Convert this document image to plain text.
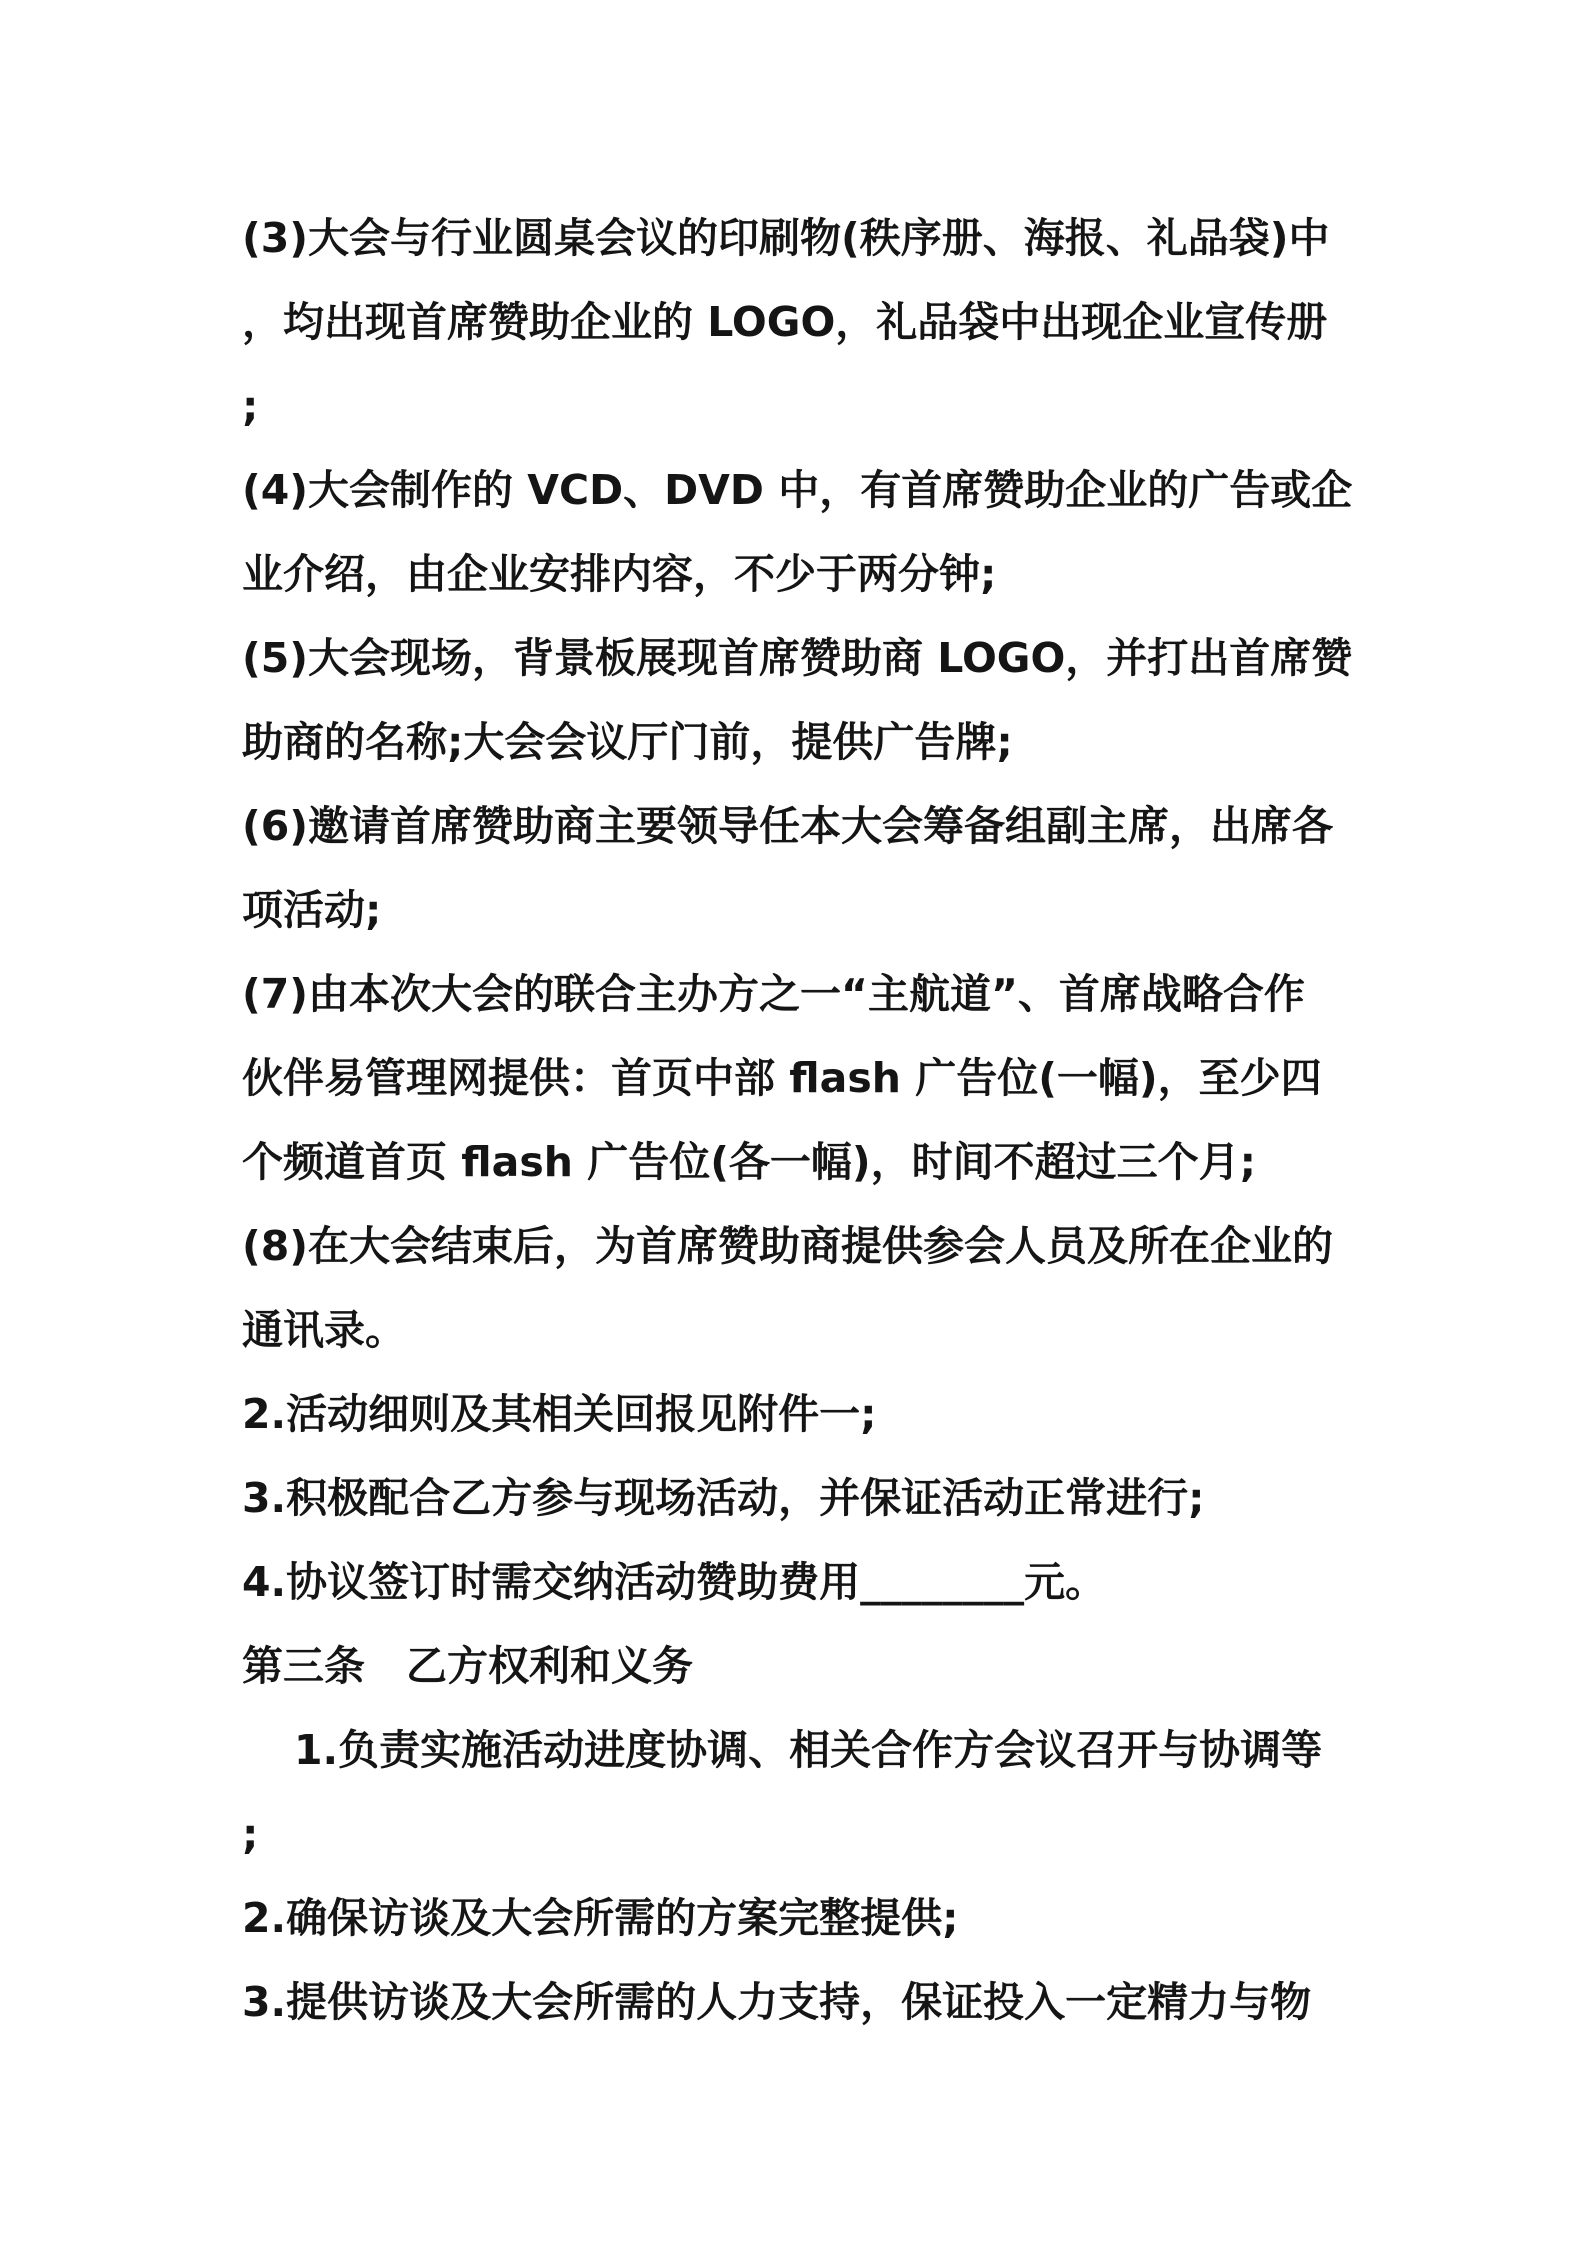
(3)大会与行业圆桌会议的印刷物(秩序册、海报、礼品袋)中
，均出现首席赞助企业的 LOGO，礼品袋中出现企业宣传册
;
(4)大会制作的 VCD、DVD 中，有首席赞助企业的广告或企
业介绍，由企业安排内容，不少于两分钟;
(5)大会现场，背景板展现首席赞助商 LOGO，并打出首席赞
助商的名称;大会会议厅门前，提供广告牌;
(6)邀请首席赞助商主要领导任本大会筹备组副主席，出席各
项活动;
(7)由本次大会的联合主办方之一“主航道”、首席战略合作
伙伴易管理网提供：首页中部 flash 广告位(一幅)，至少四
个频道首页 flash 广告位(各一幅)，时间不超过三个月;
(8)在大会结束后，为首席赞助商提供参会人员及所在企业的
通讯录。
2.活动细则及其相关回报见附件一;
3.积极配合乙方参与现场活动，并保证活动正常进行;
4.协议签订时需交纳活动赞助费用________元。
第三条　乙方权利和义务
1.负责实施活动进度协调、相关合作方会议召开与协调等
;
2.确保访谈及大会所需的方案完整提供;
3.提供访谈及大会所需的人力支持，保证投入一定精力与物
